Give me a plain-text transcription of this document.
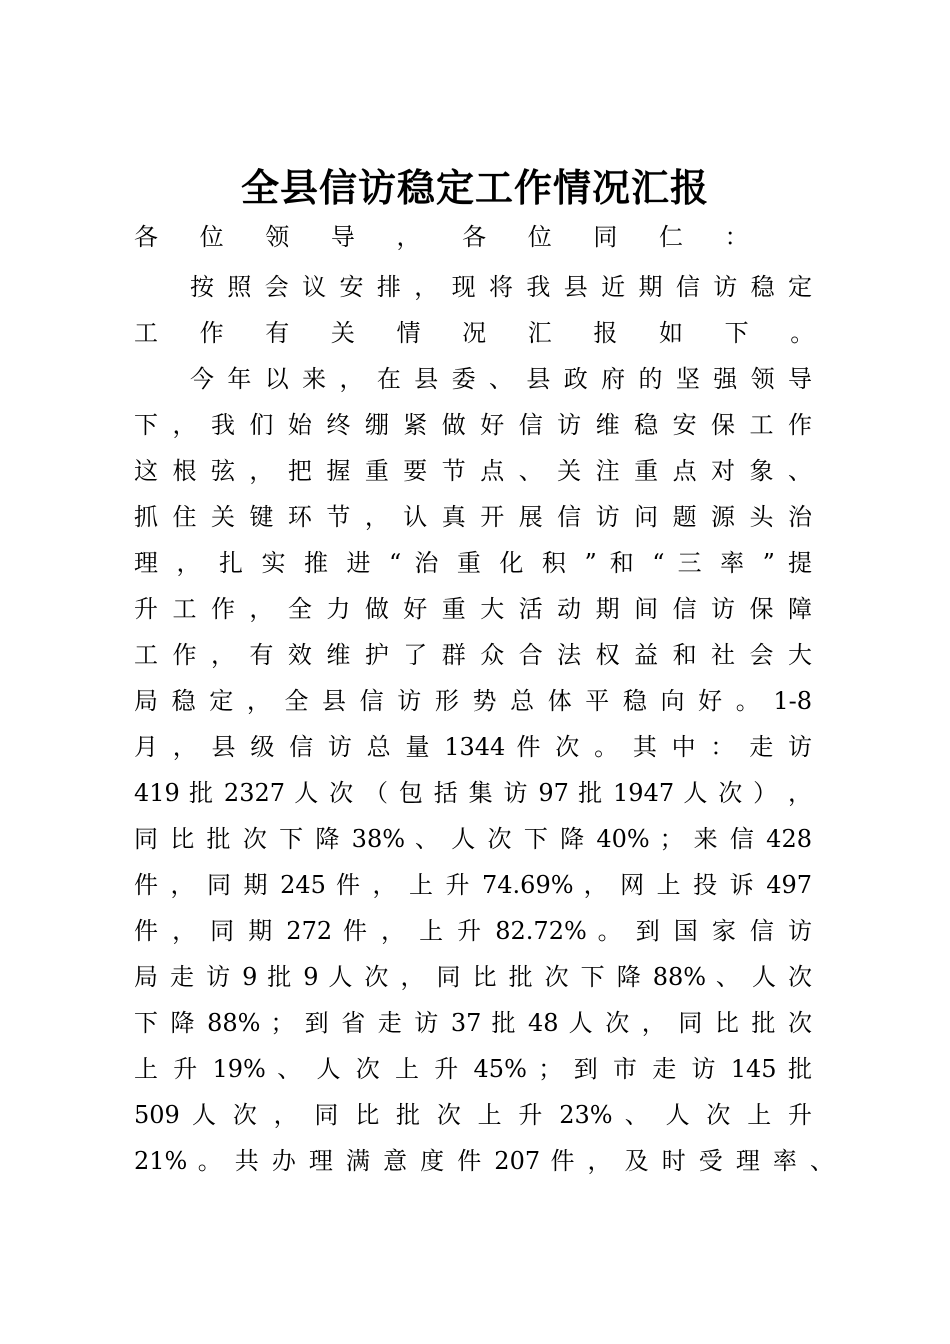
全县信访稳定工作情况汇报
各 位 领 导 ， 各 位 同 仁 ：
按 照 会 议 安 排 ， 现 将 我 县 近 期 信 访 稳 定
工 作 有 关 情 况 汇 报 如 下 。
今 年 以 来 ， 在 县 委 、 县 政 府 的 坚 强 领 导
下 ， 我 们 始 终 绷 紧 做 好 信 访 维 稳 安 保 工 作
这 根 弦 ， 把 握 重 要 节 点 、 关 注 重 点 对 象 、
抓 住 关 键 环 节 ， 认 真 开 展 信 访 问 题 源 头 治
理 ， 扎 实 推 进 “ 治 重 化 积 ” 和 “ 三 率 ” 提
升 工 作 ， 全 力 做 好 重 大 活 动 期 间 信 访 保 障
工 作 ， 有 效 维 护 了 群 众 合 法 权 益 和 社 会 大
局 稳 定 ， 全 县 信 访 形 势 总 体 平 稳 向 好 。 1-8
月 ， 县 级 信 访 总 量 1344 件 次 。 其 中 ： 走 访
419 批 2327 人 次 （ 包 括 集 访 97 批 1947 人 次 ） ，
同 比 批 次 下 降 38% 、 人 次 下 降 40% ； 来 信 428
件 ， 同 期 245 件 ， 上 升 74.69% ， 网 上 投 诉 497
件 ， 同 期 272 件 ， 上 升 82.72% 。 到 国 家 信 访
局 走 访 9 批 9 人 次 ， 同 比 批 次 下 降 88% 、 人 次
下 降 88% ； 到 省 走 访 37 批 48 人 次 ， 同 比 批 次
上 升 19% 、 人 次 上 升 45% ； 到 市 走 访 145 批
509 人 次 ， 同 比 批 次 上 升 23% 、 人 次 上 升
21% 。 共 办 理 满 意 度 件 207 件 ， 及 时 受 理 率 、
